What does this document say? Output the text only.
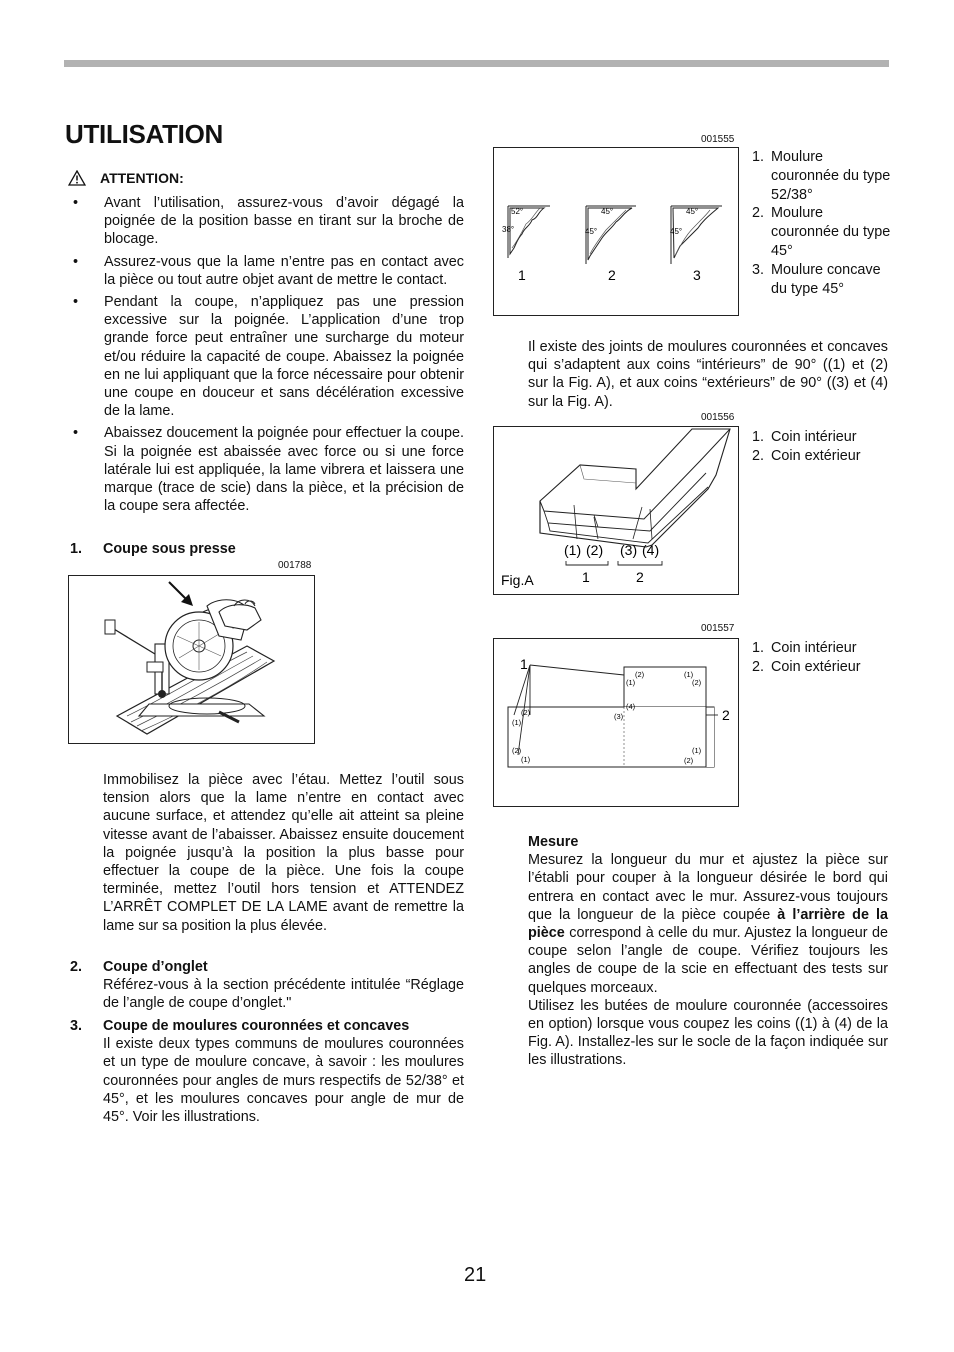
UTILISATION
ATTENTION:
• Avant l’utilisation, assurez-vous d’avoir dégagé la poignée de la position basse en tirant sur la broche de blocage.
• Assurez-vous que la lame n’entre pas en contact avec la pièce ou tout autre objet avant de mettre le contact.
• Pendant la coupe, n’appliquez pas une pression excessive sur la poignée. L’application d’une trop grande force peut entraîner une surcharge du moteur et/ou réduire la capacité de coupe. Abaissez la poignée en ne lui appliquant que la force nécessaire pour obtenir une coupe en douceur et sans décélération excessive de la lame.
• Abaissez doucement la poignée pour effectuer la coupe. Si la poignée est abaissée avec force ou si une force latérale lui est appliquée, la lame vibrera et laissera une marque (trace de scie) dans la pièce, et la précision de la coupe sera affectée.
1.	Coupe sous presse
001788
Immobilisez la pièce avec l’étau. Mettez l’outil sous tension alors que la lame n’entre en contact avec aucune surface, et attendez qu’elle ait atteint sa pleine vitesse avant de l’abaisser. Abaissez ensuite doucement la poignée jusqu’à la position la plus basse pour effectuer la coupe de la pièce. Une fois la coupe terminée, mettez l’outil hors tension et ATTENDEZ L’ARRÊT COMPLET DE LA LAME avant de remettre la lame sur sa position la plus élevée.
2.	Coupe d’onglet

Référez-vous à la section précédente intitulée “Réglage de l’angle de coupe d’onglet."

3.	Coupe de moulures couronnées et concaves

Il existe deux types communs de moulures couronnées et un type de moulure concave, à savoir : les moulures couronnées pour angles de murs respectifs de 52/38° et 45°, et les moulures concaves pour angle de mur de 45°. Voir les illustrations.

001555
52°
38°
1
45°
45°
2
45°
45°
3
1. Moulure couronnée du type 52/38°
2. Moulure couronnée du type 45°
3. Moulure concave du type 45°
Il existe des joints de moulures couronnées et concaves qui s’adaptent aux coins “intérieurs” de 90° ((1) et (2) sur la Fig. A), et aux coins “extérieurs” de 90° ((3) et (4) sur la Fig. A).
001556
(1) (2) (3) (4)
1	2
Fig.A
1. Coin intérieur
2. Coin extérieur
001557
1
2
(2)
(1)
(1)
(2)
(4)
(3)
(2)
(1)
(2)
(1)
(1)
(2)
1. Coin intérieur
2. Coin extérieur

Mesure

Mesurez la longueur du mur et ajustez la pièce sur l’établi pour couper à la longueur désirée le bord qui entrera en contact avec le mur. Assurez-vous toujours que la longueur de la pièce coupée à l’arrière de la pièce correspond à celle du mur. Ajustez la longueur de coupe selon l’angle de coupe. Vérifiez toujours les angles de coupe de la scie en effectuant des tests sur quelques morceaux.

Utilisez les butées de moulure couronnée (accessoires en option) lorsque vous coupez les coins ((1) à (4) de la Fig. A). Installez-les sur le socle de la façon indiquée sur les illustrations.

21
